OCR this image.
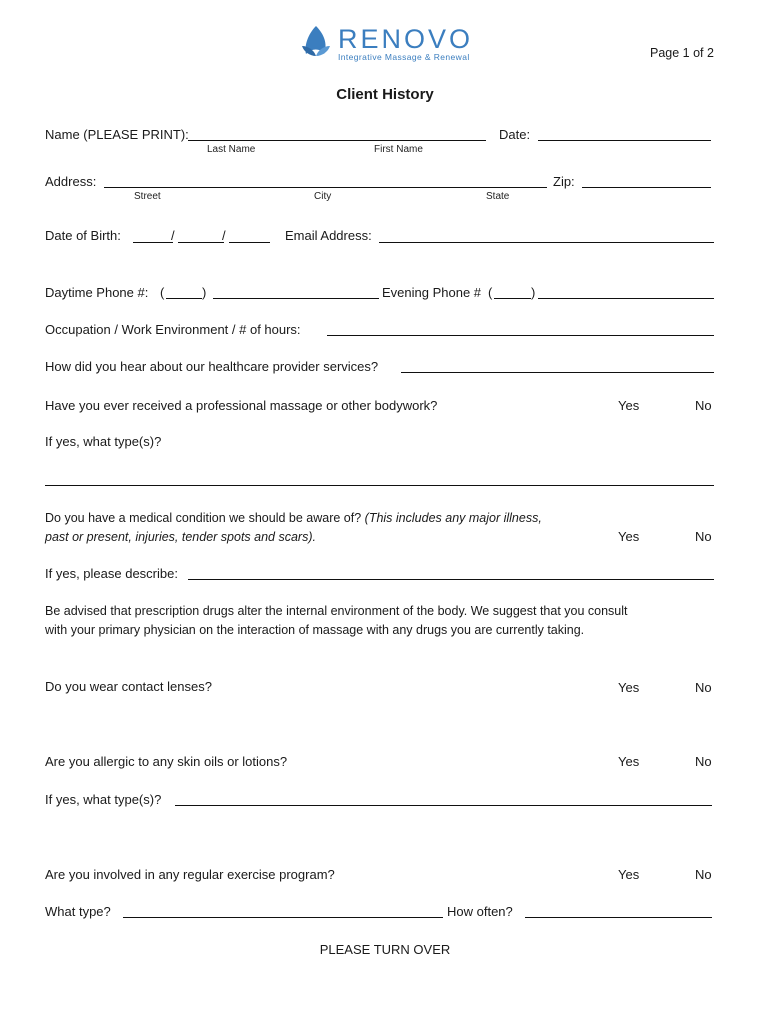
RENOVO
Integrative Massage & Renewal	Page 1 of 2
Client History
Name (PLEASE PRINT):
Last Name	First Name
Date:
Address:
Street	City	State
Zip:
Date of Birth:	/	/	Email Address:
Daytime Phone #: (	)	Evening Phone # (	)
Occupation / Work Environment / # of hours:
How did you hear about our healthcare provider services?
Have you ever received a professional massage or other bodywork?	Yes	No
If yes, what type(s)?
Do you have a medical condition we should be aware of? (This includes any major illness,
past or present, injuries, tender spots and scars).	Yes	No
If yes, please describe:
Be advised that prescription drugs alter the internal environment of the body. We suggest that you consult
with your primary physician on the interaction of massage with any drugs you are currently taking.
Do you wear contact lenses?	Yes	No
Are you allergic to any skin oils or lotions?	Yes	No
If yes, what type(s)?
Are you involved in any regular exercise program?	Yes	No
What type?	How often?
PLEASE TURN OVER
